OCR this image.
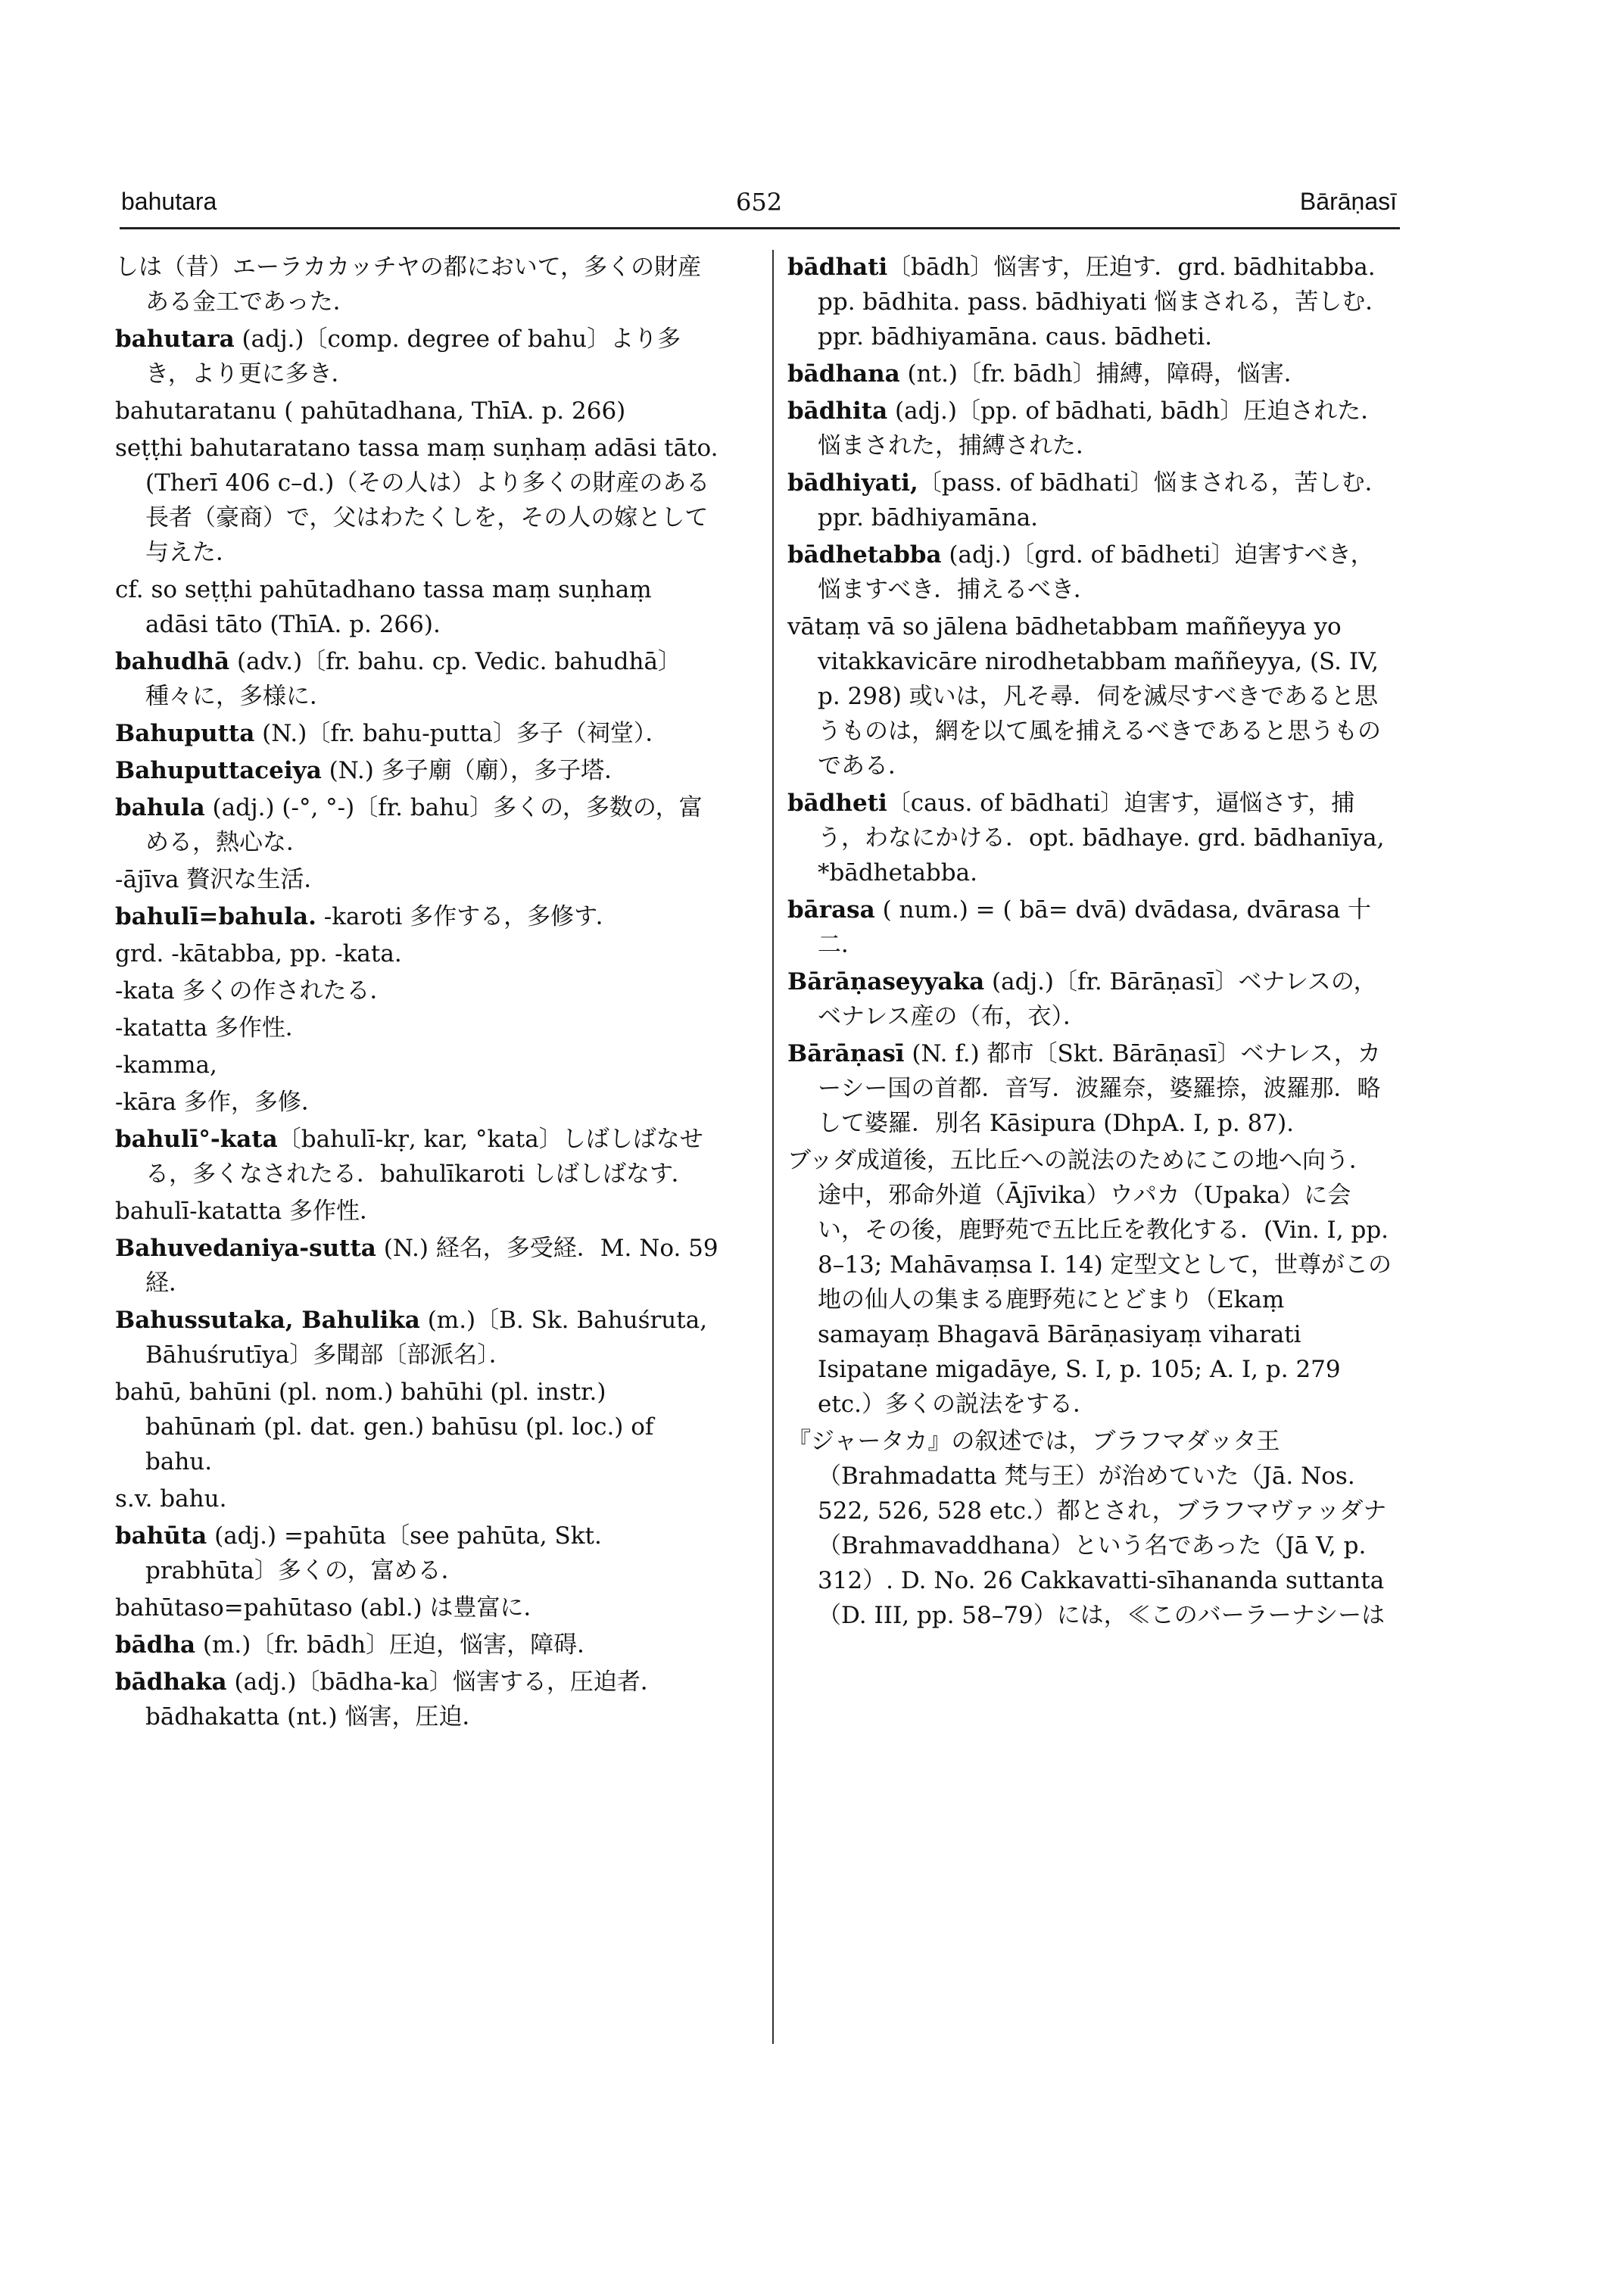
bahutara	652	Bārāṇasī
しは（昔）エーラカカッチヤの都において，多くの財産ある金工であった．
bahutara (adj.)〔comp. degree of bahu〕より多き，より更に多き．
bahutaratanu ( pahūtadhana, ThīA. p. 266)
seṭṭhi bahutaratano tassa maṃ suṇhaṃ adāsi tāto. (Therī 406 c–d.)（その人は）より多くの財産のある長者（豪商）で，父はわたくしを，その人の嫁として与えた．
cf. so seṭṭhi pahūtadhano tassa maṃ suṇhaṃ adāsi tāto (ThīA. p. 266).
bahudhā (adv.)〔fr. bahu. cp. Vedic. bahudhā〕種々に，多様に．
Bahuputta (N.)〔fr. bahu-putta〕多子（祠堂）．
Bahuputtaceiya (N.) 多子廟（廟），多子塔．
bahula (adj.) (-°, °-)〔fr. bahu〕多くの，多数の，富める，熱心な．
-ājīva 贅沢な生活．
bahulī=bahula. -karoti 多作する，多修す．
grd. -kātabba, pp. -kata.
-kata 多くの作されたる．
-katatta 多作性．
-kamma,
-kāra 多作，多修．
bahulī°-kata〔bahulī-kṛ, kar, °kata〕しばしばなせる，多くなされたる．bahulīkaroti しばしばなす．
bahulī-katatta 多作性．
Bahuvedaniya-sutta (N.) 経名，多受経．M. No. 59 経．
Bahussutaka, Bahulika (m.)〔B. Sk. Bahuśruta, Bāhuśrutīya〕多聞部〔部派名〕．
bahū, bahūni (pl. nom.) bahūhi (pl. instr.) bahūnaṁ (pl. dat. gen.) bahūsu (pl. loc.) of bahu.
s.v. bahu.
bahūta (adj.) =pahūta〔see pahūta, Skt. prabhūta〕多くの，富める．
bahūtaso=pahūtaso (abl.) は豊富に．
bādha (m.)〔fr. bādh〕圧迫，悩害，障碍．
bādhaka (adj.)〔bādha-ka〕悩害する，圧迫者．bādhakatta (nt.) 悩害，圧迫．
bādhati〔bādh〕悩害す，圧迫す．grd. bādhitabba. pp. bādhita. pass. bādhiyati 悩まされる，苦しむ．ppr. bādhiyamāna. caus. bādheti.
bādhana (nt.)〔fr. bādh〕捕縛，障碍，悩害．
bādhita (adj.)〔pp. of bādhati, bādh〕圧迫された．悩まされた，捕縛された．
bādhiyati,〔pass. of bādhati〕悩まされる，苦しむ．ppr. bādhiyamāna.
bādhetabba (adj.)〔grd. of bādheti〕迫害すべき，悩ますべき．捕えるべき．
vātaṃ vā so jālena bādhetabbam maññeyya yo vitakkavicāre nirodhetabbam maññeyya, (S. IV, p. 298) 或いは，凡そ尋．伺を滅尽すべきであると思うものは，網を以て風を捕えるべきであると思うものである．
bādheti〔caus. of bādhati〕迫害す，逼悩さす，捕う，わなにかける．opt. bādhaye. grd. bādhanīya, *bādhetabba.
bārasa ( num.) = ( bā= dvā) dvādasa, dvārasa 十二．
Bārāṇaseyyaka (adj.)〔fr. Bārāṇasī〕ベナレスの，ベナレス産の（布，衣）．
Bārāṇasī (N. f.) 都市〔Skt. Bārāṇasī〕ベナレス，カーシー国の首都．音写．波羅奈，婆羅捺，波羅那．略して婆羅．別名 Kāsipura (DhpA. I, p. 87).
ブッダ成道後，五比丘への説法のためにこの地へ向う．途中，邪命外道（Ājīvika）ウパカ（Upaka）に会い，その後，鹿野苑で五比丘を教化する．(Vin. I, pp. 8–13; Mahāvaṃsa I. 14) 定型文として，世尊がこの地の仙人の集まる鹿野苑にとどまり（Ekaṃ samayaṃ Bhagavā Bārāṇasiyaṃ viharati Isipatane migadāye, S. I, p. 105; A. I, p. 279 etc.）多くの説法をする．
『ジャータカ』の叙述では，ブラフマダッタ王（Brahmadatta 梵与王）が治めていた（Jā. Nos. 522, 526, 528 etc.）都とされ，ブラフマヴァッダナ（Brahmavaddhana）という名であった（Jā V, p. 312）. D. No. 26 Cakkavatti-sīhananda suttanta（D. III, pp. 58–79）には，≪このバーラーナシーは
